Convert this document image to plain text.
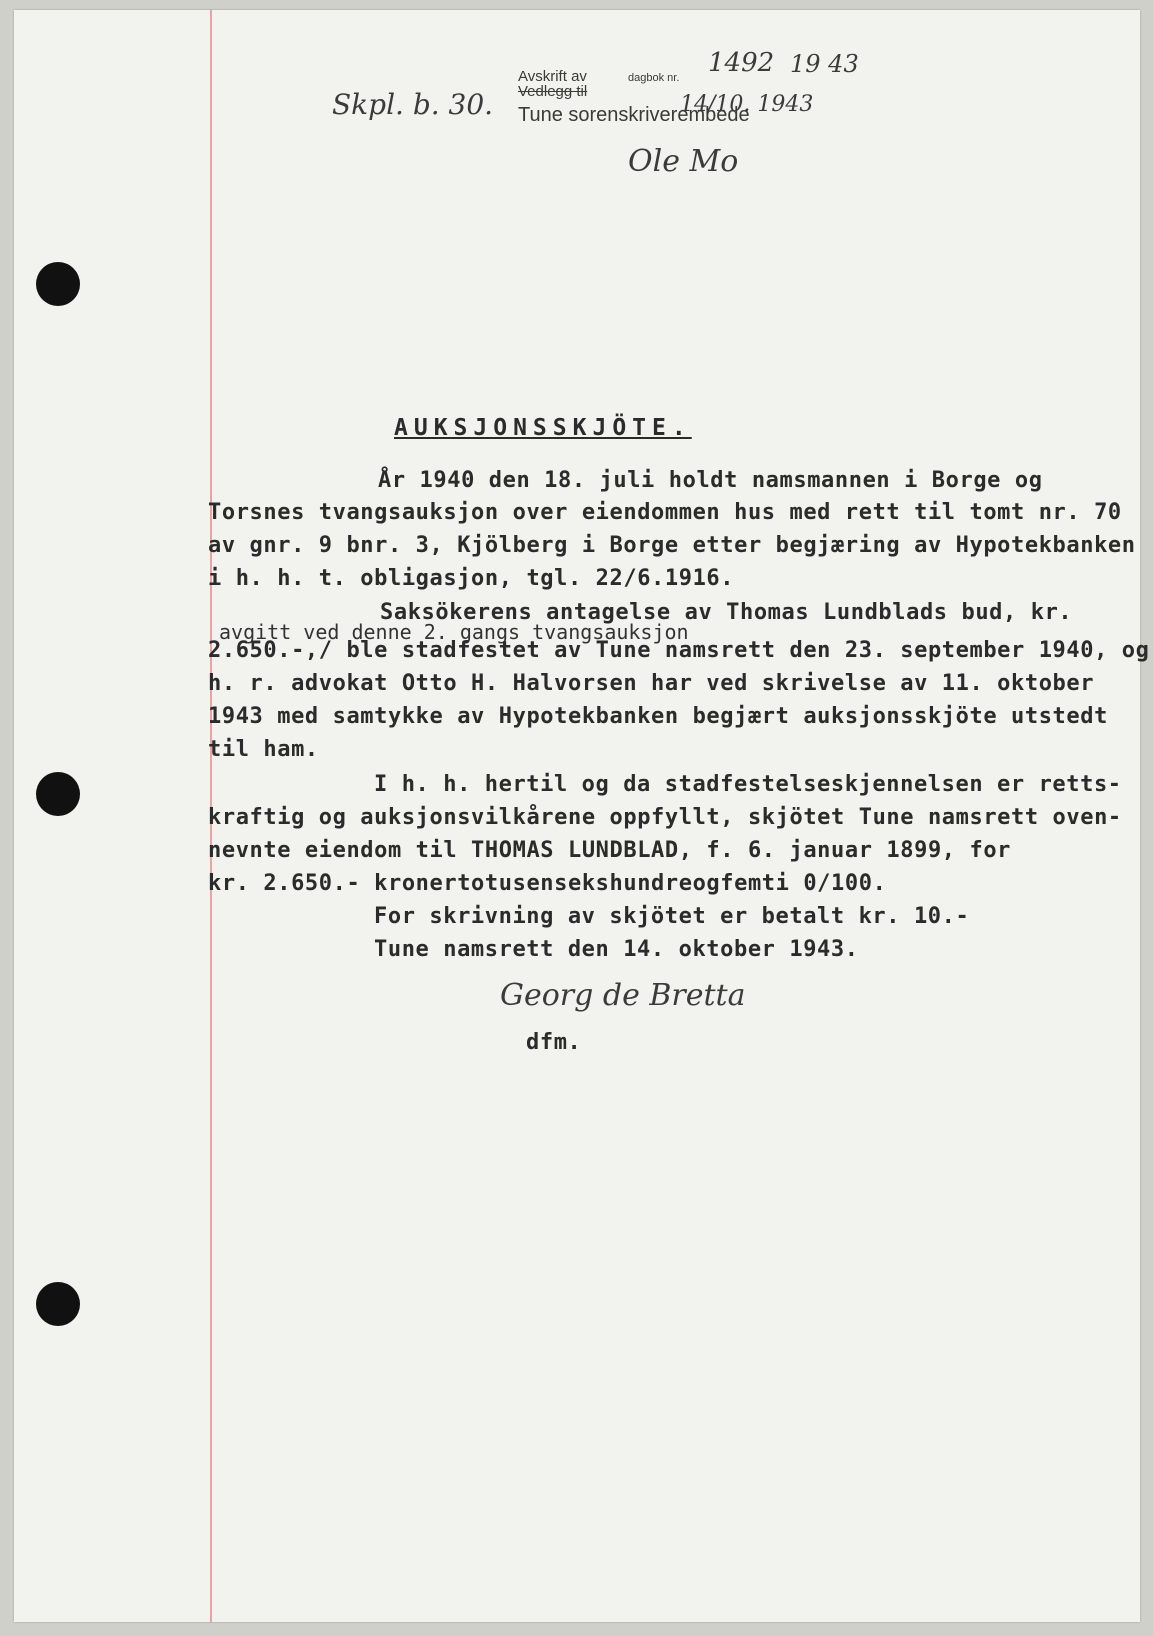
Avskrift av	dagbok nr.
Vedlegg til
Tune sorenskriverembede
Skpl. b. 30.
1492 19 43
14/10. 1943
Ole Mo
AUKSJONSSKJÖTE.
År 1940 den 18. juli holdt namsmannen i Borge og
Torsnes tvangsauksjon over eiendommen hus med rett til tomt nr. 70
av gnr. 9 bnr. 3, Kjölberg i Borge etter begjæring av Hypotekbanken
i h. h. t. obligasjon, tgl. 22/6.1916.
Saksökerens antagelse av Thomas Lundblads bud, kr.
avgitt ved denne 2. gangs tvangsauksjon
2.650.-,/ ble stadfestet av Tune namsrett den 23. september 1940, og
h. r. advokat Otto H. Halvorsen har ved skrivelse av 11. oktober
1943 med samtykke av Hypotekbanken begjært auksjonsskjöte utstedt
til ham.
I h. h. hertil og da stadfestelseskjennelsen er retts-
kraftig og auksjonsvilkårene oppfyllt, skjötet Tune namsrett oven-
nevnte eiendom til THOMAS LUNDBLAD, f. 6. januar 1899, for
kr. 2.650.- kronertotusensekshundreogfemti 0/100.
For skrivning av skjötet er betalt kr. 10.-
Tune namsrett den 14. oktober 1943.
Georg de Bretta
dfm.
